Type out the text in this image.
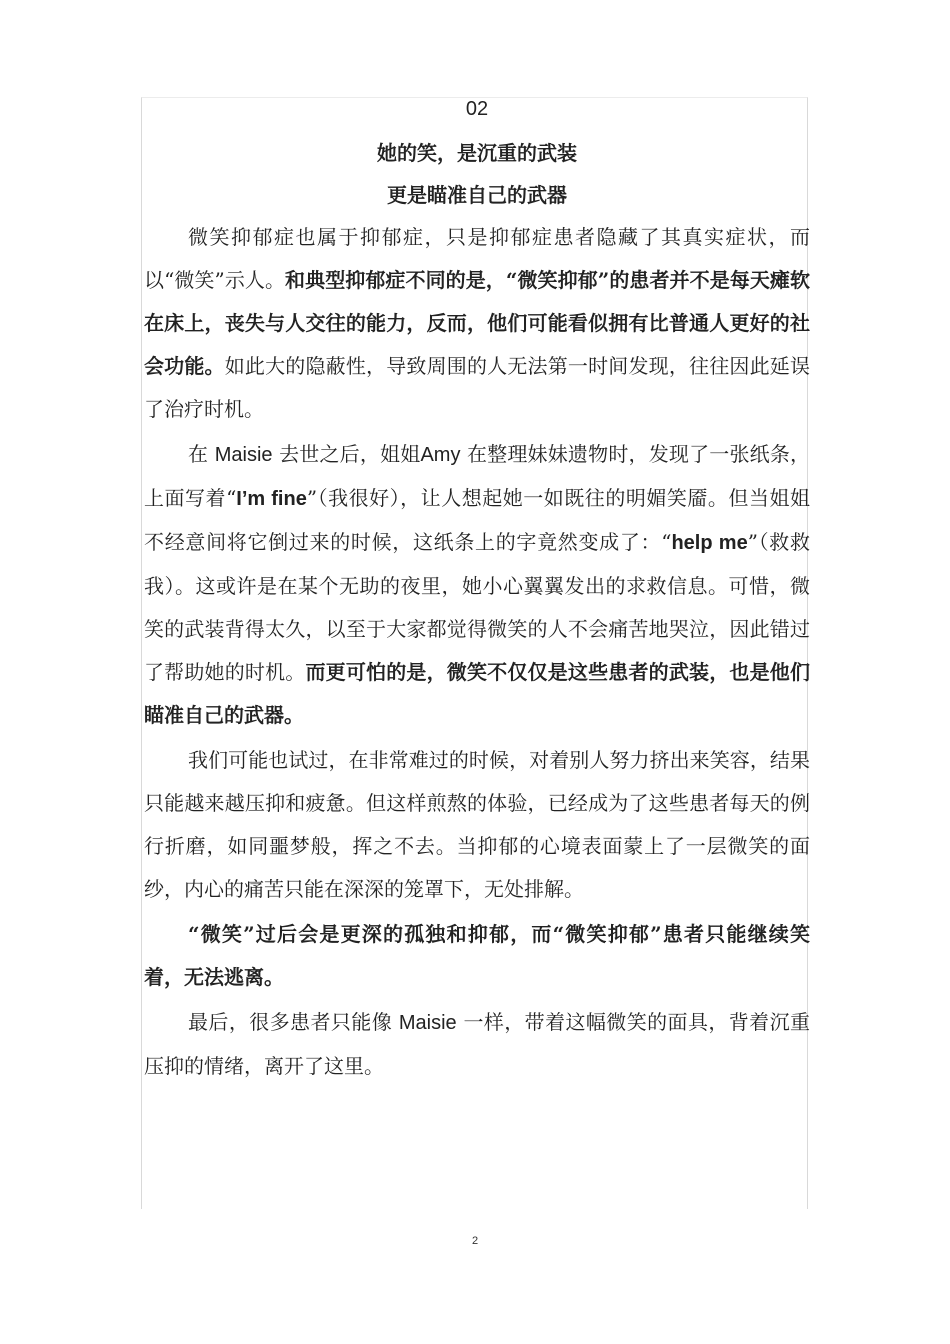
02
她的笑，是沉重的武装
更是瞄准自己的武器

微笑抑郁症也属于抑郁症，只是抑郁症患者隐藏了其真实症状，而以“微笑”示人。和典型抑郁症不同的是，“微笑抑郁”的患者并不是每天瘫软在床上，丧失与人交往的能力，反而，他们可能看似拥有比普通人更好的社会功能。如此大的隐蔽性，导致周围的人无法第一时间发现，往往因此延误了治疗时机。

在 Maisie 去世之后，姐姐Amy 在整理妹妹遗物时，发现了一张纸条，上面写着“I’m fine”（我很好），让人想起她一如既往的明媚笑靥。但当姐姐不经意间将它倒过来的时候，这纸条上的字竟然变成了：“help me”（救救我）。这或许是在某个无助的夜里，她小心翼翼发出的求救信息。可惜，微笑的武装背得太久，以至于大家都觉得微笑的人不会痛苦地哭泣，因此错过了帮助她的时机。而更可怕的是，微笑不仅仅是这些患者的武装，也是他们瞄准自己的武器。

我们可能也试过，在非常难过的时候，对着别人努力挤出来笑容，结果只能越来越压抑和疲惫。但这样煎熬的体验，已经成为了这些患者每天的例行折磨，如同噩梦般，挥之不去。当抑郁的心境表面蒙上了一层微笑的面纱，内心的痛苦只能在深深的笼罩下，无处排解。

“微笑”过后会是更深的孤独和抑郁，而“微笑抑郁”患者只能继续笑着，无法逃离。

最后，很多患者只能像 Maisie 一样，带着这幅微笑的面具，背着沉重压抑的情绪，离开了这里。

2
